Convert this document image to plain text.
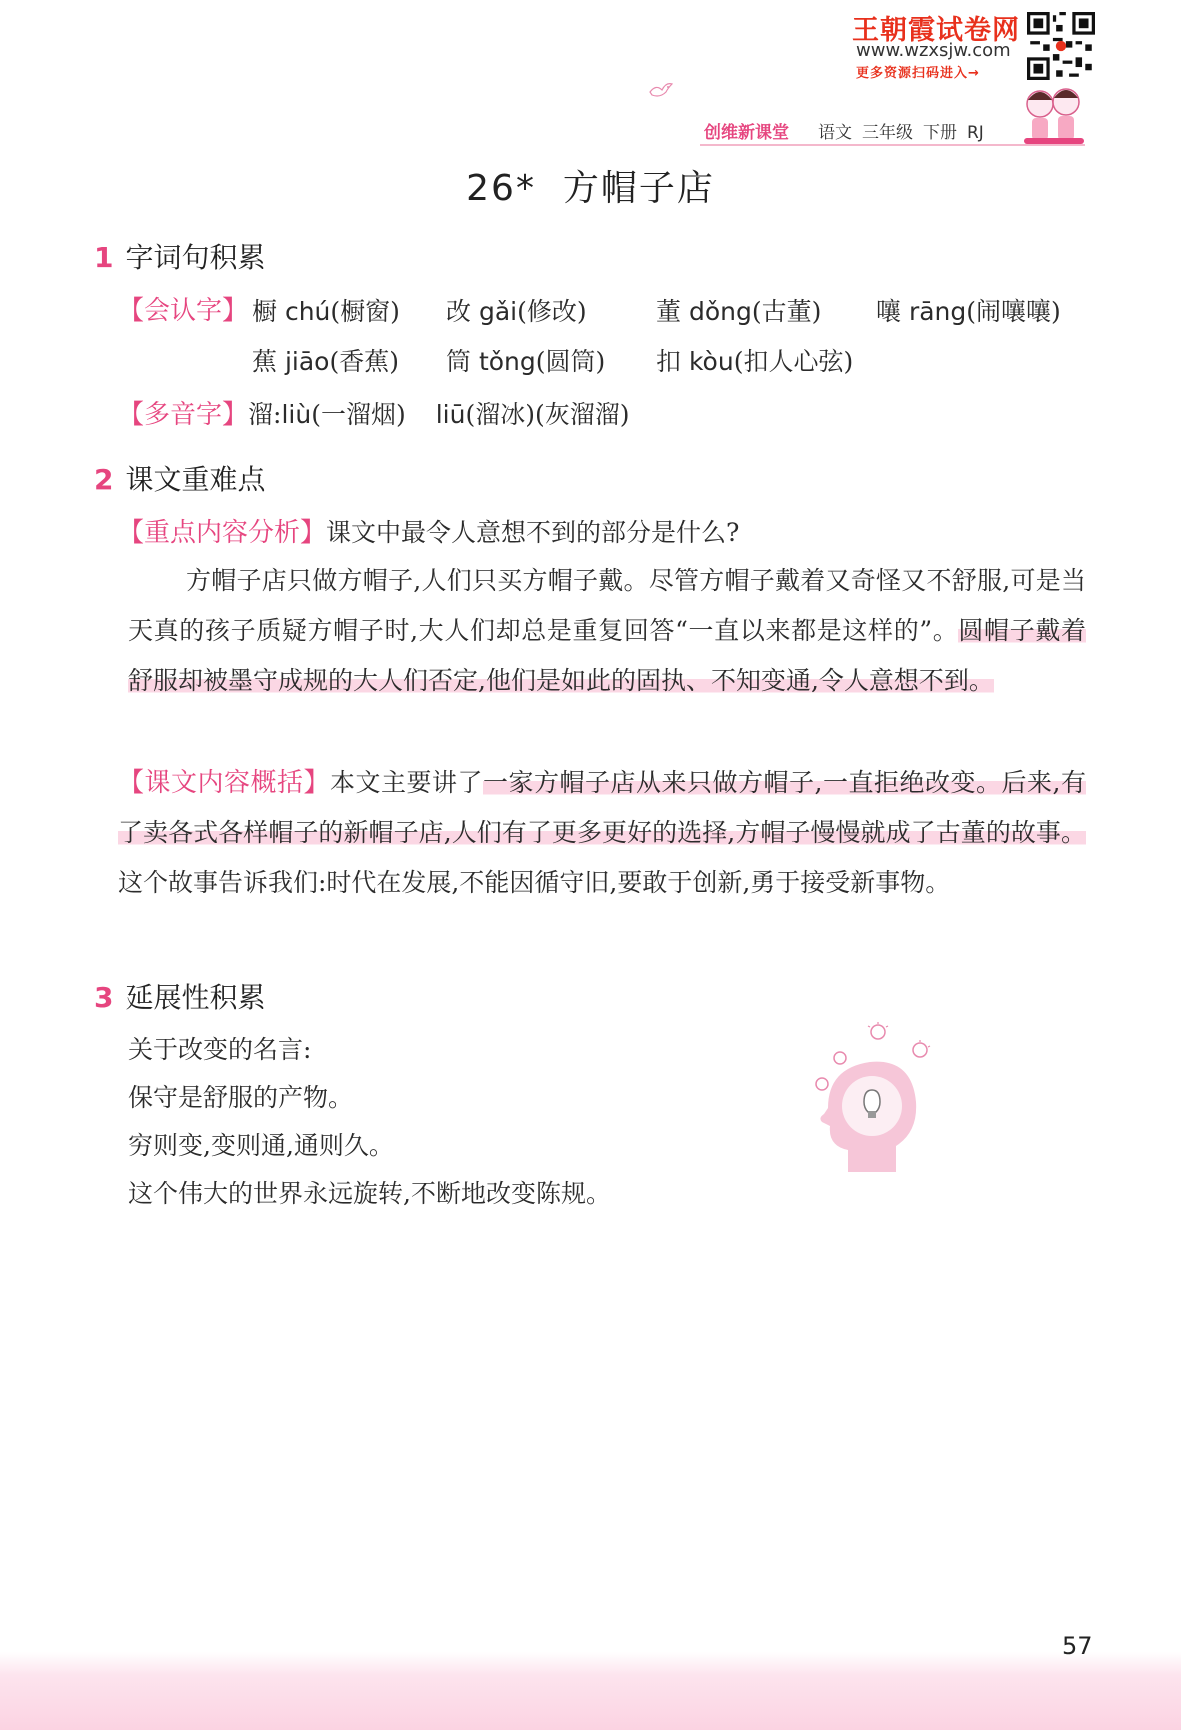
王朝霞试卷网
www.wzxsjw.com
更多资源扫码进入→
创维新课堂 语文 三年级 下册 RJ
26*  方帽子店
1 字词句积累
【会认字】 橱 chú(橱窗) 改 gǎi(修改)	董 dǒng(古董) 嚷 rāng(闹嚷嚷)
蕉 jiāo(香蕉) 筒 tǒng(圆筒) 扣 kòu(扣人心弦)
【多音字】溜:liù(一溜烟) liū(溜冰)(灰溜溜)
2 课文重难点
【重点内容分析】课文中最令人意想不到的部分是什么?
方帽子店只做方帽子,人们只买方帽子戴。尽管方帽子戴着又奇怪又不舒服,可是当天真的孩子质疑方帽子时,大人们却总是重复回答“一直以来都是这样的”。圆帽子戴着舒服却被墨守成规的大人们否定,他们是如此的固执、不知变通,令人意想不到。
【课文内容概括】本文主要讲了一家方帽子店从来只做方帽子,一直拒绝改变。后来,有了卖各式各样帽子的新帽子店,人们有了更多更好的选择,方帽子慢慢就成了古董的故事。这个故事告诉我们:时代在发展,不能因循守旧,要敢于创新,勇于接受新事物。
3 延展性积累
关于改变的名言:
保守是舒服的产物。
穷则变,变则通,通则久。
这个伟大的世界永远旋转,不断地改变陈规。
57
